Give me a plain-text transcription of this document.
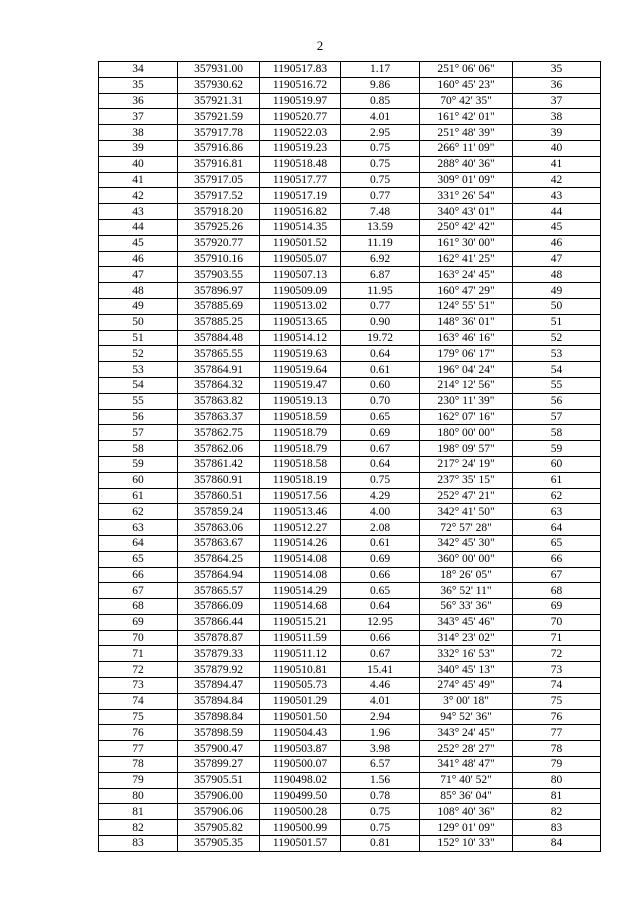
2
34	357931.00	1190517.83	1.17	251° 06' 06"	35
35	357930.62	1190516.72	9.86	160° 45' 23"	36
36	357921.31	1190519.97	0.85	70° 42' 35"	37
37	357921.59	1190520.77	4.01	161° 42' 01"	38
38	357917.78	1190522.03	2.95	251° 48' 39"	39
39	357916.86	1190519.23	0.75	266° 11' 09"	40
40	357916.81	1190518.48	0.75	288° 40' 36"	41
41	357917.05	1190517.77	0.75	309° 01' 09"	42
42	357917.52	1190517.19	0.77	331° 26' 54"	43
43	357918.20	1190516.82	7.48	340° 43' 01"	44
44	357925.26	1190514.35	13.59	250° 42' 42"	45
45	357920.77	1190501.52	11.19	161° 30' 00"	46
46	357910.16	1190505.07	6.92	162° 41' 25"	47
47	357903.55	1190507.13	6.87	163° 24' 45"	48
48	357896.97	1190509.09	11.95	160° 47' 29"	49
49	357885.69	1190513.02	0.77	124° 55' 51"	50
50	357885.25	1190513.65	0.90	148° 36' 01"	51
51	357884.48	1190514.12	19.72	163° 46' 16"	52
52	357865.55	1190519.63	0.64	179° 06' 17"	53
53	357864.91	1190519.64	0.61	196° 04' 24"	54
54	357864.32	1190519.47	0.60	214° 12' 56"	55
55	357863.82	1190519.13	0.70	230° 11' 39"	56
56	357863.37	1190518.59	0.65	162° 07' 16"	57
57	357862.75	1190518.79	0.69	180° 00' 00"	58
58	357862.06	1190518.79	0.67	198° 09' 57"	59
59	357861.42	1190518.58	0.64	217° 24' 19"	60
60	357860.91	1190518.19	0.75	237° 35' 15"	61
61	357860.51	1190517.56	4.29	252° 47' 21"	62
62	357859.24	1190513.46	4.00	342° 41' 50"	63
63	357863.06	1190512.27	2.08	72° 57' 28"	64
64	357863.67	1190514.26	0.61	342° 45' 30"	65
65	357864.25	1190514.08	0.69	360° 00' 00"	66
66	357864.94	1190514.08	0.66	18° 26' 05"	67
67	357865.57	1190514.29	0.65	36° 52' 11"	68
68	357866.09	1190514.68	0.64	56° 33' 36"	69
69	357866.44	1190515.21	12.95	343° 45' 46"	70
70	357878.87	1190511.59	0.66	314° 23' 02"	71
71	357879.33	1190511.12	0.67	332° 16' 53"	72
72	357879.92	1190510.81	15.41	340° 45' 13"	73
73	357894.47	1190505.73	4.46	274° 45' 49"	74
74	357894.84	1190501.29	4.01	3° 00' 18"	75
75	357898.84	1190501.50	2.94	94° 52' 36"	76
76	357898.59	1190504.43	1.96	343° 24' 45"	77
77	357900.47	1190503.87	3.98	252° 28' 27"	78
78	357899.27	1190500.07	6.57	341° 48' 47"	79
79	357905.51	1190498.02	1.56	71° 40' 52"	80
80	357906.00	1190499.50	0.78	85° 36' 04"	81
81	357906.06	1190500.28	0.75	108° 40' 36"	82
82	357905.82	1190500.99	0.75	129° 01' 09"	83
83	357905.35	1190501.57	0.81	152° 10' 33"	84
